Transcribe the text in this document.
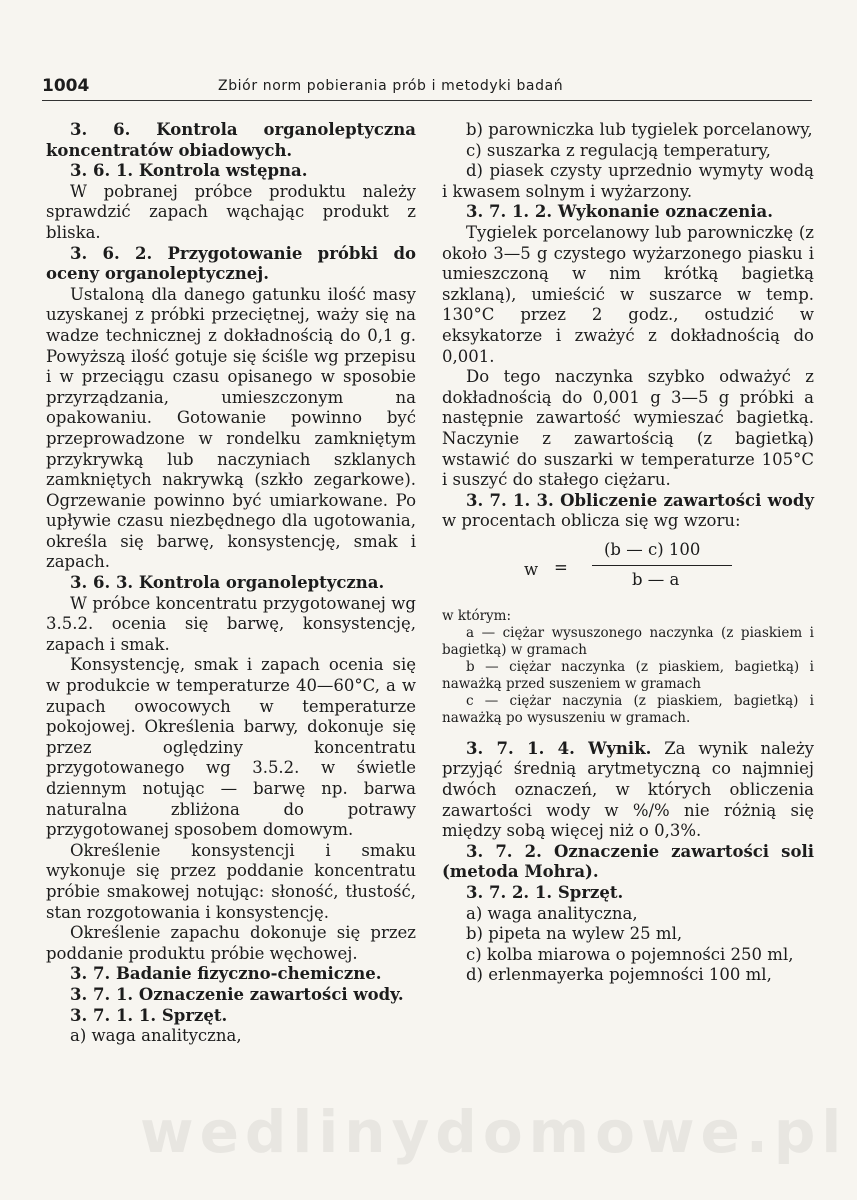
1004	Zbiór norm pobierania prób i metodyki badań

3. 6. Kontrola organoleptyczna koncentratów obiadowych.

3. 6. 1. Kontrola wstępna.

W pobranej próbce produktu należy sprawdzić zapach wąchając produkt z bliska.

3. 6. 2. Przygotowanie próbki do oceny organoleptycznej.

Ustaloną dla danego gatunku ilość masy uzyskanej z próbki przeciętnej, waży się na wadze technicznej z dokładnością do 0,1 g. Powyższą ilość gotuje się ściśle wg przepisu i w przeciągu czasu opisanego w sposobie przyrządzania, umieszczonym na opakowaniu. Gotowanie powinno być przeprowadzone w rondelku zamkniętym przykrywką lub naczyniach szklanych zamkniętych nakrywką (szkło zegarkowe). Ogrzewanie powinno być umiarkowane. Po upływie czasu niezbędnego dla ugotowania, określa się barwę, konsystencję, smak i zapach.

3. 6. 3. Kontrola organoleptyczna.

W próbce koncentratu przygotowanej wg 3.5.2. ocenia się barwę, konsystencję, zapach i smak.

Konsystencję, smak i zapach ocenia się w produkcie w temperaturze 40—60°C, a w zupach owocowych w temperaturze pokojowej. Określenia barwy, dokonuje się przez oględziny koncentratu przygotowanego wg 3.5.2. w świetle dziennym notując — barwę np. barwa naturalna zbliżona do potrawy przygotowanej sposobem domowym.

Określenie konsystencji i smaku wykonuje się przez poddanie koncentratu próbie smakowej notując: słoność, tłustość, stan rozgotowania i konsystencję.

Określenie zapachu dokonuje się przez poddanie produktu próbie węchowej.

3. 7. Badanie fizyczno-chemiczne.

3. 7. 1. Oznaczenie zawartości wody.

3. 7. 1. 1. Sprzęt.

a) waga analityczna,

b) parowniczka lub tygielek porcelanowy,

c) suszarka z regulacją temperatury,

d) piasek czysty uprzednio wymyty wodą i kwasem solnym i wyżarzony.

3. 7. 1. 2. Wykonanie oznaczenia.

Tygielek porcelanowy lub parowniczkę (z około 3—5 g czystego wyżarzonego piasku i umieszczoną w nim krótką bagietką szklaną), umieścić w suszarce w temp. 130°C przez 2 godz., ostudzić w eksykatorze i zważyć z dokładnością do 0,001.

Do tego naczynka szybko odważyć z dokładnością do 0,001 g 3—5 g próbki a następnie zawartość wymieszać bagietką. Naczynie z zawartością (z bagietką) wstawić do suszarki w temperaturze 105°C i suszyć do stałego ciężaru.

3. 7. 1. 3. Obliczenie zawartości wody w procentach oblicza się wg wzoru:

w =
(b — c) 100
b — a

w którym:

a — ciężar wysuszonego naczynka (z piaskiem i bagietką) w gramach

b — ciężar naczynka (z piaskiem, bagietką) i naważką przed suszeniem w gramach

c — ciężar naczynia (z piaskiem, bagietką) i naważką po wysuszeniu w gramach.

3. 7. 1. 4. Wynik. Za wynik należy przyjąć średnią arytmetyczną co najmniej dwóch oznaczeń, w których obliczenia zawartości wody w %/% nie różnią się między sobą więcej niż o 0,3%.

3. 7. 2. Oznaczenie zawartości soli (metoda Mohra).

3. 7. 2. 1. Sprzęt.

a) waga analityczna,

b) pipeta na wylew 25 ml,

c) kolba miarowa o pojemności 250 ml,

d) erlenmayerka pojemności 100 ml,

wedlinydomowe.pl
